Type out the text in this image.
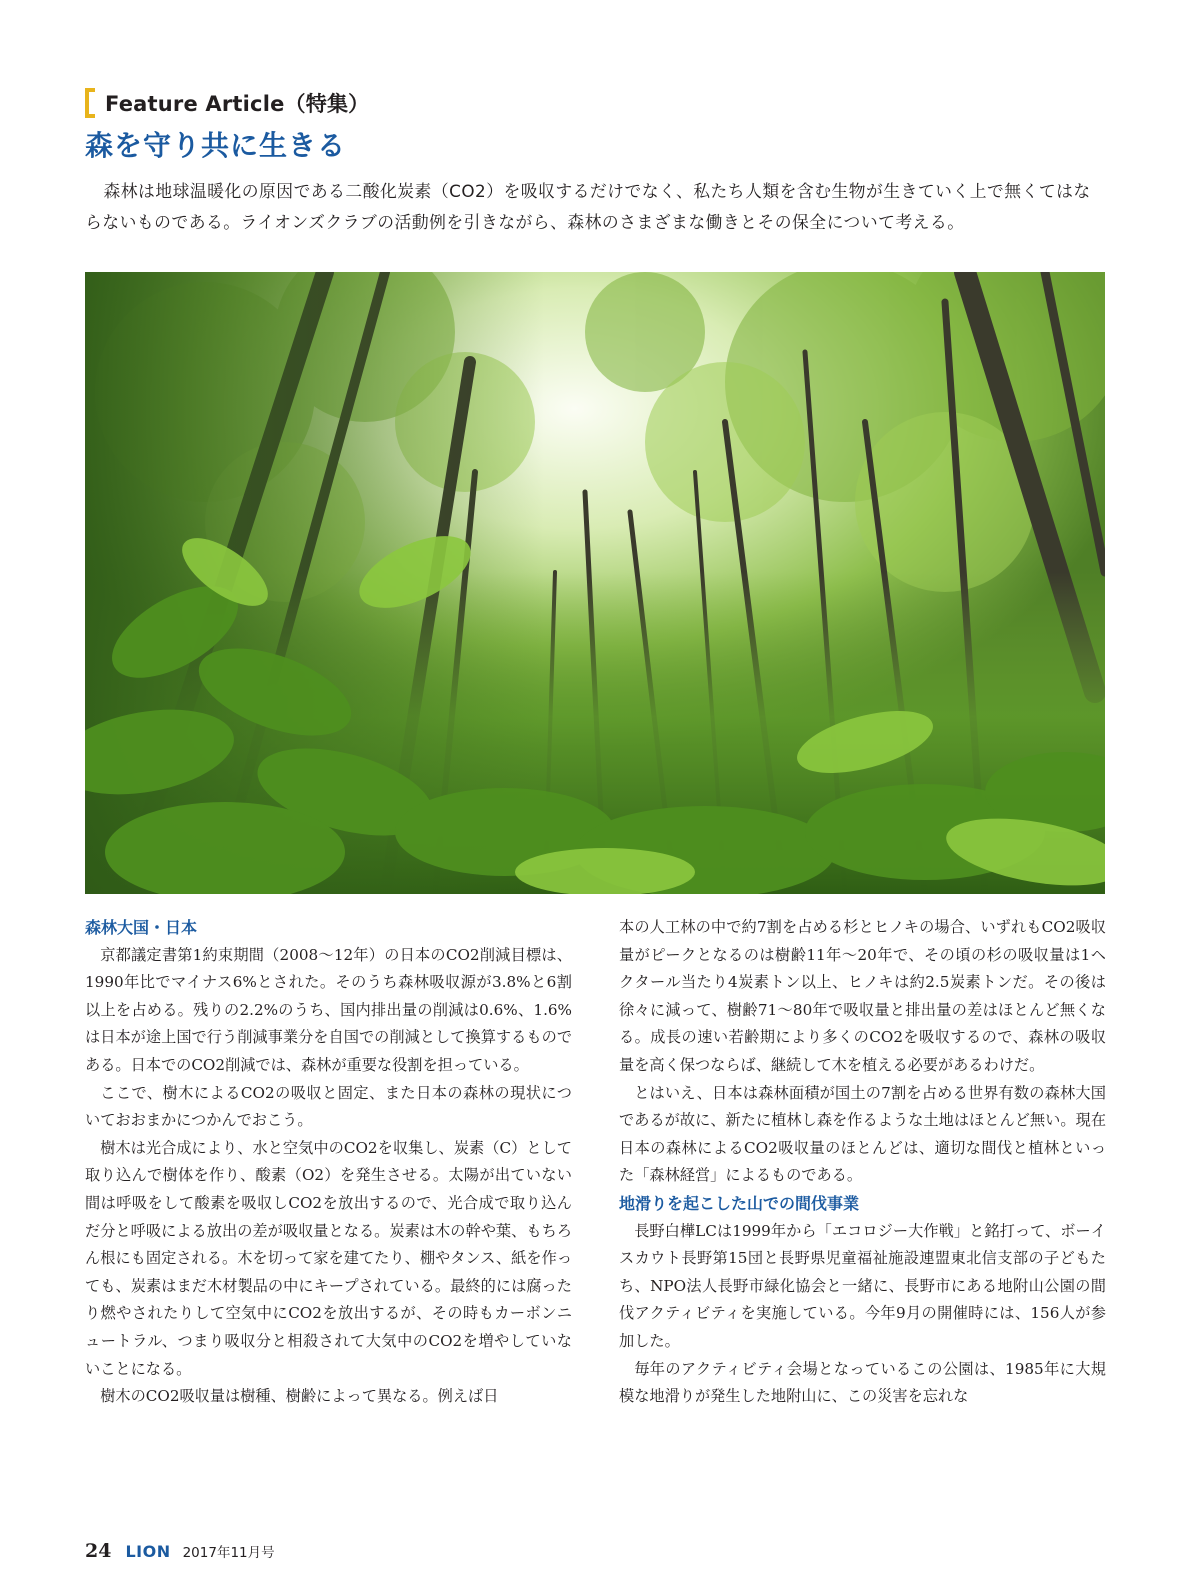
Feature Article（特集）
森を守り共に生きる

森林は地球温暖化の原因である二酸化炭素（CO2）を吸収するだけでなく、私たち人類を含む生物が生きていく上で無くてはならないものである。ライオンズクラブの活動例を引きながら、森林のさまざまな働きとその保全について考える。

森林大国・日本

京都議定書第1約束期間（2008〜12年）の日本のCO2削減目標は、1990年比でマイナス6%とされた。そのうち森林吸収源が3.8%と6割以上を占める。残りの2.2%のうち、国内排出量の削減は0.6%、1.6%は日本が途上国で行う削減事業分を自国での削減として換算するものである。日本でのCO2削減では、森林が重要な役割を担っている。

ここで、樹木によるCO2の吸収と固定、また日本の森林の現状についておおまかにつかんでおこう。

樹木は光合成により、水と空気中のCO2を収集し、炭素（C）として取り込んで樹体を作り、酸素（O2）を発生させる。太陽が出ていない間は呼吸をして酸素を吸収しCO2を放出するので、光合成で取り込んだ分と呼吸による放出の差が吸収量となる。炭素は木の幹や葉、もちろん根にも固定される。木を切って家を建てたり、棚やタンス、紙を作っても、炭素はまだ木材製品の中にキープされている。最終的には腐ったり燃やされたりして空気中にCO2を放出するが、その時もカーボンニュートラル、つまり吸収分と相殺されて大気中のCO2を増やしていないことになる。

樹木のCO2吸収量は樹種、樹齢によって異なる。例えば日

本の人工林の中で約7割を占める杉とヒノキの場合、いずれもCO2吸収量がピークとなるのは樹齢11年〜20年で、その頃の杉の吸収量は1ヘクタール当たり4炭素トン以上、ヒノキは約2.5炭素トンだ。その後は徐々に減って、樹齢71〜80年で吸収量と排出量の差はほとんど無くなる。成長の速い若齢期により多くのCO2を吸収するので、森林の吸収量を高く保つならば、継続して木を植える必要があるわけだ。

とはいえ、日本は森林面積が国土の7割を占める世界有数の森林大国であるが故に、新たに植林し森を作るような土地はほとんど無い。現在日本の森林によるCO2吸収量のほとんどは、適切な間伐と植林といった「森林経営」によるものである。

地滑りを起こした山での間伐事業

長野白樺LCは1999年から「エコロジー大作戦」と銘打って、ボーイスカウト長野第15団と長野県児童福祉施設連盟東北信支部の子どもたち、NPO法人長野市緑化協会と一緒に、長野市にある地附山公園の間伐アクティビティを実施している。今年9月の開催時には、156人が参加した。

毎年のアクティビティ会場となっているこの公園は、1985年に大規模な地滑りが発生した地附山に、この災害を忘れな

24 LION 2017年11月号
